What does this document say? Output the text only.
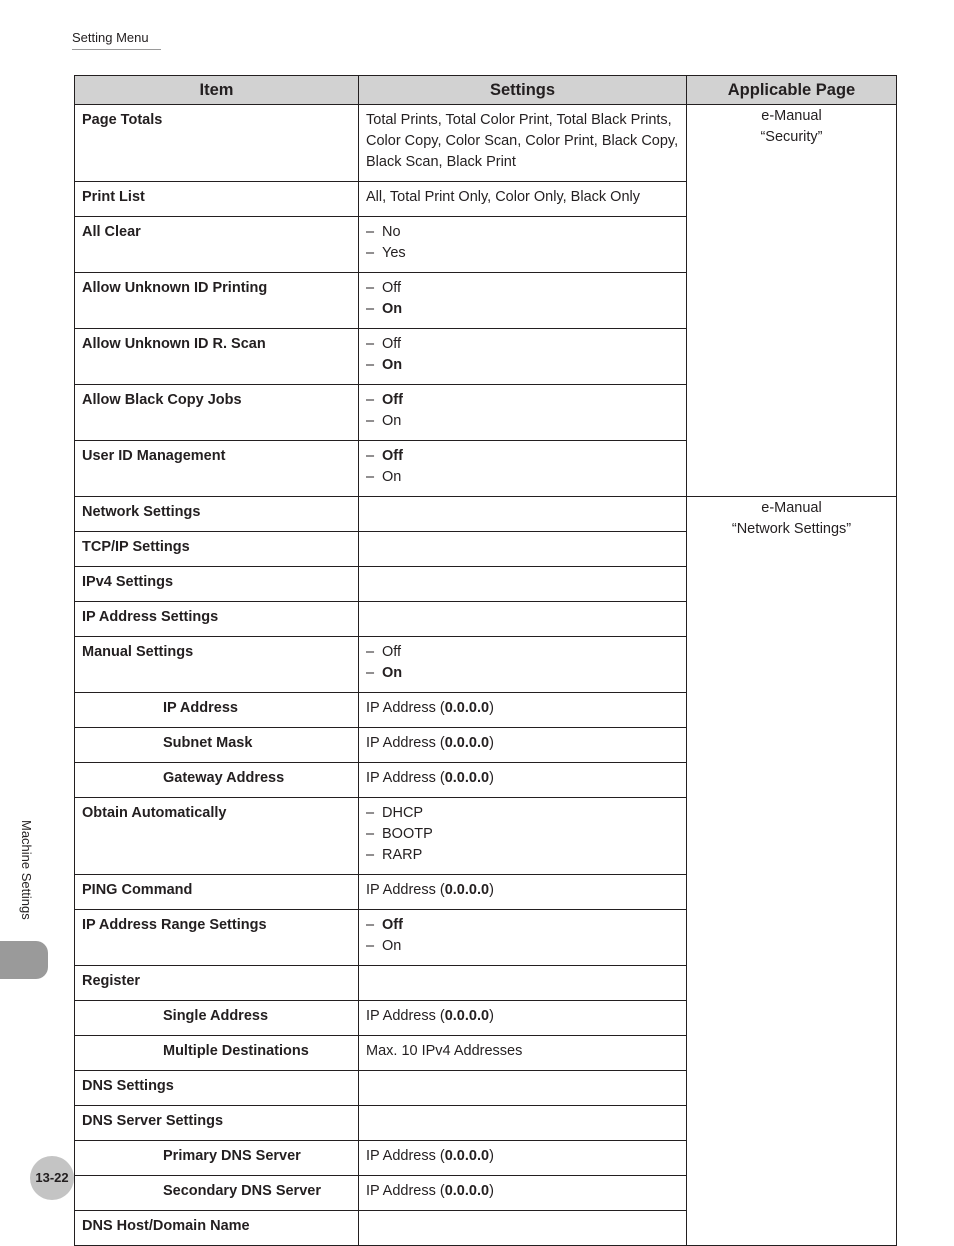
Setting Menu
Machine Settings
Item	Settings	Applicable Page
Page Totals	Total Prints, Total Color Print, Total Black Prints, Color Copy, Color Scan, Color Print, Black Copy, Black Scan, Black Print	e-Manual
“Security”

Print List	All, Total Print Only, Color Only, Black Only	
All Clear	– No
– Yes	

Allow Unknown ID Printing	– Off
– On	

Allow Unknown ID R. Scan	– Off
– On	

Allow Black Copy Jobs	– Off
– On	

User ID Management	– Off
– On	

Network Settings		e-Manual
“Network Settings”

TCP/IP Settings		
IPv4 Settings		
IP Address Settings		
Manual Settings	– Off
– On	

IP Address	IP Address (0.0.0.0)	
Subnet Mask	IP Address (0.0.0.0)	
Gateway Address	IP Address (0.0.0.0)	
Obtain Automatically	– DHCP
– BOOTP
– RARP	

PING Command	IP Address (0.0.0.0)	
IP Address Range Settings	– Off
– On	

Register		
Single Address	IP Address (0.0.0.0)	
Multiple Destinations	Max. 10 IPv4 Addresses	
DNS Settings		
DNS Server Settings		
Primary DNS Server	IP Address (0.0.0.0)	
Secondary DNS Server	IP Address (0.0.0.0)	
DNS Host/Domain Name		
13-22
